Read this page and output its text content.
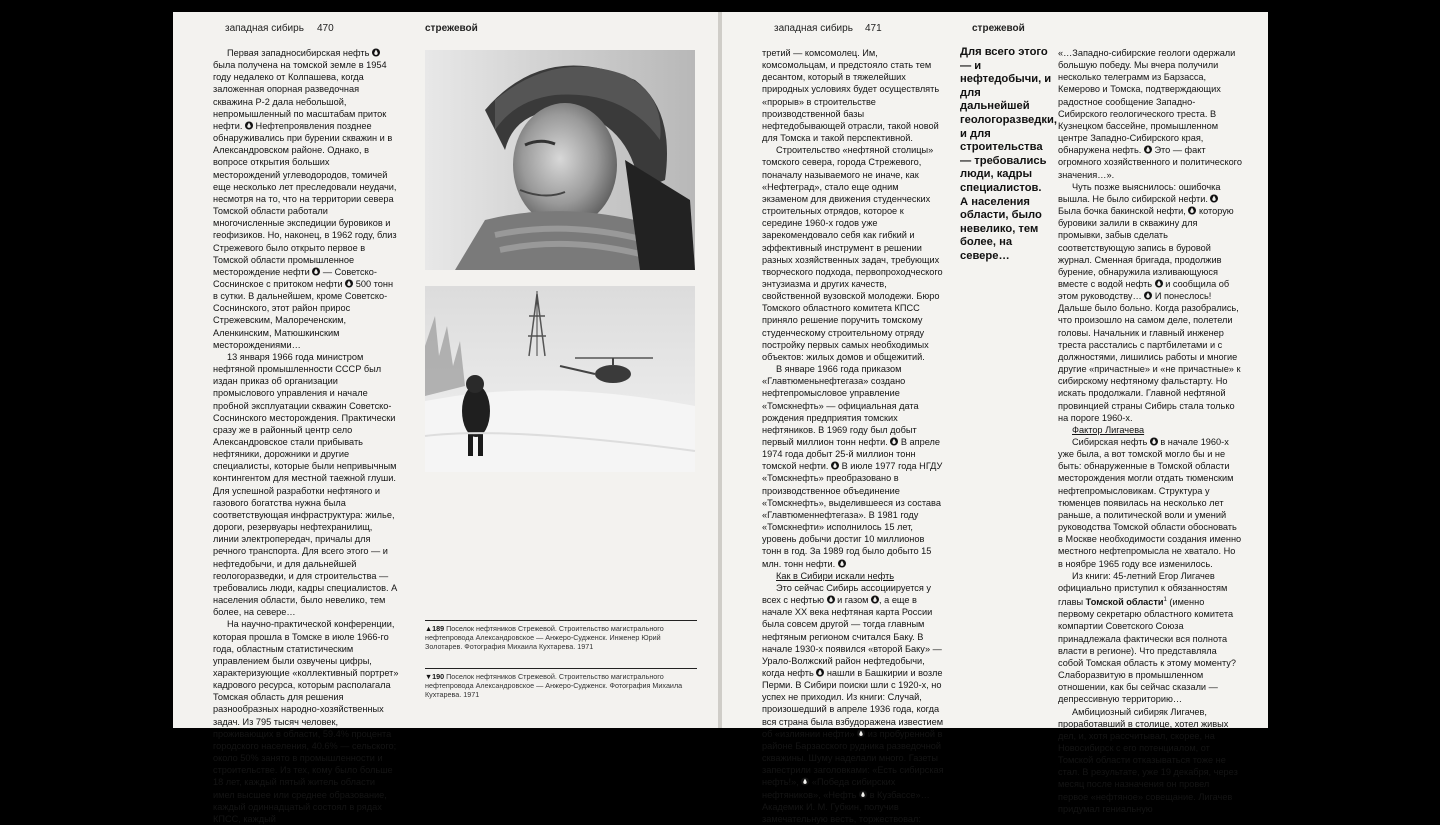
западная сибирь 470	стрежевой

Первая западносибирская нефть
была получена на томской земле в 1954 году недалеко от Колпашева, когда заложенная опорная разведочная скважина Р-2 дала небольшой, непромышленный по масштабам приток нефти.
Нефтепроявления позднее обнаруживались при бурении скважин и в Александровском районе. Однако, в вопросе открытия больших месторождений углеводородов, томичей еще несколько лет преследовали неудачи, несмотря на то, что на территории севера Томской области работали многочисленные экспедиции буровиков и геофизиков. Но, наконец, в 1962 году, близ Стрежевого было открыто первое в Томской области промышленное месторождение нефти
— Советско-Соснинское с притоком нефти
500 тонн в сутки. В дальнейшем, кроме Советско-Соснинского, этот район прирос Стрежевским, Малореченским, Аленкинским, Матюшкинским месторождениями…

13 января 1966 года министром нефтяной промышленности СССР был издан приказ об организации промыслового управления и начале пробной эксплуатации скважин Советско-Соснинского месторождения. Практически сразу же в районный центр село Александровское стали прибывать нефтяники, дорожники и другие специалисты, которые были непривычным контингентом для местной таежной глуши. Для успешной разработки нефтяного и газового богатства нужна была соответствующая инфраструктура: жилье, дороги, резервуары нефтехранилищ, линии электропередач, причалы для речного транспорта. Для всего этого — и нефтедобычи, и для дальнейшей геологоразведки, и для строительства — требовались люди, кадры специалистов. А населения области, было невелико, тем более, на севере…

На научно-практической конференции, которая прошла в Томске в июле 1966-го года, областным статистическим управлением были озвучены цифры, характеризующие «коллективный портрет» кадрового ресурса, которым располагала Томская область для решения разнообразных народно-хозяйственных задач. Из 795 тысяч человек, проживающих в области, 59.4% процента городского населения, 40.6% — сельского; около 50% занято в промышленности и строительстве. Из тех, кому было больше 18 лет, каждый пятый житель области имел высшее или среднее образование, каждый одиннадцатый состоял в рядах КПСС, каждый

▲189 Поселок нефтяников Стрежевой. Строительство магистрального нефтепровода Александровское — Анжеро-Судженск. Инженер Юрий Золотарев. Фотография Михаила Кухтарева. 1971
▼190 Поселок нефтяников Стрежевой. Строительство магистрального нефтепровода Александровское — Анжеро-Судженск. Фотография Михаила Кухтарева. 1971
западная сибирь 471	стрежевой

третий — комсомолец. Им, комсомольцам, и предстояло стать тем десантом, который в тяжелейших природных условиях будет осуществлять «прорыв» в строительстве производственной базы нефтедобывающей отрасли, такой новой для Томска и такой перспективной.

Строительство «нефтяной столицы» томского севера, города Стрежевого, поначалу называемого не иначе, как «Нефтеград», стало еще одним экзаменом для движения студенческих строительных отрядов, которое к середине 1960-х годов уже зарекомендовало себя как гибкий и эффективный инструмент в решении разных хозяйственных задач, требующих творческого подхода, первопроходческого энтузиазма и других качеств, свойственной вузовской молодежи. Бюро Томского областного комитета КПСС приняло решение поручить томскому студенческому строительному отряду постройку первых самых необходимых объектов: жилых домов и общежитий.

В январе 1966 года приказом «Главтюменьнефтегаза» создано нефтепромысловое управление «Томскнефть» — официальная дата рождения предприятия томских нефтяников. В 1969 году был добыт первый миллион тонн нефти.
В апреле 1974 года добыт 25-й миллион тонн томской нефти.
В июле 1977 года НГДУ «Томскнефть» преобразовано в производственное объединение «Томскнефть», выделившееся из состава «Главтюменнефтегаза». В 1981 году «Томскнефти» исполнилось 15 лет, уровень добычи достиг 10 миллионов тонн в год. За 1989 год было добыто 15 млн. тонн нефти.

Как в Сибири искали нефть

Это сейчас Сибирь ассоциируется у всех с нефтью
и газом
, а еще в начале XX века нефтяная карта России была совсем другой — тогда главным нефтяным регионом считался Баку. В начале 1930-х появился «второй Баку» — Урало-Волжский район нефтедобычи, когда нефть
нашли в Башкирии и возле Перми. В Сибири поиски шли с 1920-х, но успех не приходил. Из книги: Случай, произошедший в апреле 1936 года, когда вся страна была взбудоражена известием об «излиянии нефти»
из пробуренной в районе Барзасского рудника разведочной скважины. Шуму наделали много. Газеты запестрили заголовками: «Есть сибирская нефть!»,
«Победа сибирских нефтяников», «Нефть
в Кузбассе»… Академик И. М. Губкин, получив замечательную весть, торжествовал:

Для всего этого — и нефтедобычи, и для дальнейшей геологоразведки, и для строительства — требовались люди, кадры специалистов. А населения области, было невелико, тем более, на севере…

«…Западно-сибирские геологи одержали большую победу. Мы вчера получили несколько телеграмм из Барзасса, Кемерово и Томска, подтверждающих радостное сообщение Западно-Сибирского геологического треста. В Кузнецком бассейне, промышленном центре Западно-Сибирского края, обнаружена нефть.
Это — факт огромного хозяйственного и политического значения…».

Чуть позже выяснилось: ошибочка вышла. Не было сибирской нефти.
Была бочка бакинской нефти,
которую буровики залили в скважину для промывки, забыв сделать соответствующую запись в буровой журнал. Сменная бригада, продолжив бурение, обнаружила изливающуюся вместе с водой нефть
и сообщила об этом руководству…
И понеслось! Дальше было больно. Когда разобрались, что произошло на самом деле, полетели головы. Начальник и главный инженер треста расстались с партбилетами и с должностями, лишились работы и многие другие «причастные» и «не причастные» к сибирскому нефтяному фальстарту. Но искать продолжали. Главной нефтяной провинцией страны Сибирь стала только на пороге 1960-х.

Фактор Лигачева

Сибирская нефть
в начале 1960-х уже была, а вот томской могло бы и не быть: обнаруженные в Томской области месторождения могли отдать тюменским нефтепромысловикам. Структура у тюменцев появилась на несколько лет раньше, а политической воли и умений руководства Томской области обосновать в Москве необходимости создания именно местного нефтепромысла не хватало. Но в ноябре 1965 году все изменилось.

Из книги: 45-летний Егор Лигачев официально приступил к обязанностям главы Томской области$^1$ (именно первому секретарю областного комитета компартии Советского Союза принадлежала фактически вся полнота власти в регионе). Что представляла собой Томская область к этому моменту? Слаборазвитую в промышленном отношении, как бы сейчас сказали — депрессивную территорию…

Амбициозный сибиряк Лигачев, проработавший в столице, хотел живых дел, и, хотя рассчитывал, скорее, на Новосибирск с его потенциалом, от Томской области отказываться тоже не стал. В результате, уже 19 декабря, через месяц после назначения он провел первое «нефтяное» совещание. Лигачев придумал гениальную
